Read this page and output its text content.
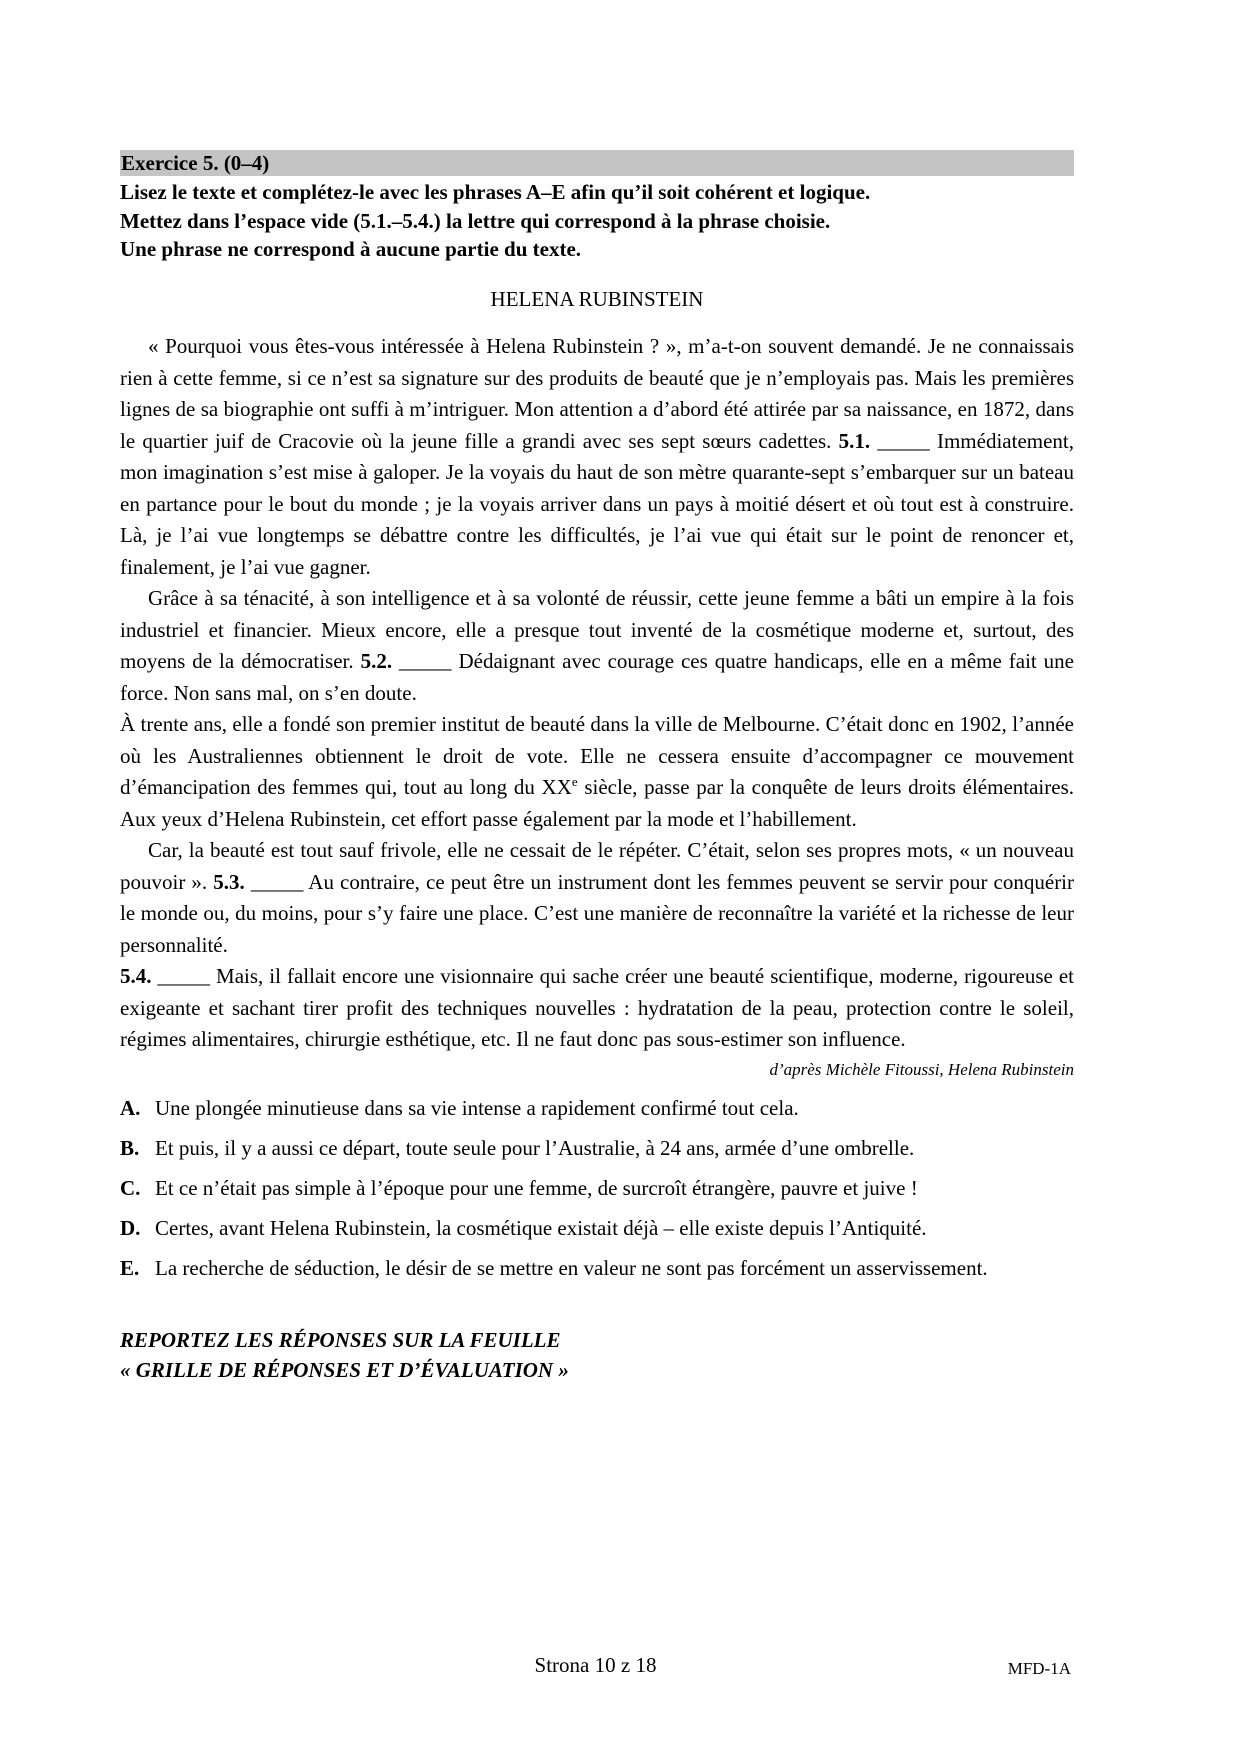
Exercice 5. (0–4)
Lisez le texte et complétez-le avec les phrases A–E afin qu’il soit cohérent et logique.
Mettez dans l’espace vide (5.1.–5.4.) la lettre qui correspond à la phrase choisie.
Une phrase ne correspond à aucune partie du texte.
HELENA RUBINSTEIN

« Pourquoi vous êtes-vous intéressée à Helena Rubinstein ? », m’a-t-on souvent demandé. Je ne connaissais rien à cette femme, si ce n’est sa signature sur des produits de beauté que je n’employais pas. Mais les premières lignes de sa biographie ont suffi à m’intriguer. Mon attention a d’abord été attirée par sa naissance, en 1872, dans le quartier juif de Cracovie où la jeune fille a grandi avec ses sept sœurs cadettes. 5.1. _____ Immédiatement, mon imagination s’est mise à galoper. Je la voyais du haut de son mètre quarante-sept s’embarquer sur un bateau en partance pour le bout du monde ; je la voyais arriver dans un pays à moitié désert et où tout est à construire. Là, je l’ai vue longtemps se débattre contre les difficultés, je l’ai vue qui était sur le point de renoncer et, finalement, je l’ai vue gagner.

Grâce à sa ténacité, à son intelligence et à sa volonté de réussir, cette jeune femme a bâti un empire à la fois industriel et financier. Mieux encore, elle a presque tout inventé de la cosmétique moderne et, surtout, des moyens de la démocratiser. 5.2. _____ Dédaignant avec courage ces quatre handicaps, elle en a même fait une force. Non sans mal, on s’en doute.

À trente ans, elle a fondé son premier institut de beauté dans la ville de Melbourne. C’était donc en 1902, l’année où les Australiennes obtiennent le droit de vote. Elle ne cessera ensuite d’accompagner ce mouvement d’émancipation des femmes qui, tout au long du XXe siècle, passe par la conquête de leurs droits élémentaires. Aux yeux d’Helena Rubinstein, cet effort passe également par la mode et l’habillement.

Car, la beauté est tout sauf frivole, elle ne cessait de le répéter. C’était, selon ses propres mots, « un nouveau pouvoir ». 5.3. _____ Au contraire, ce peut être un instrument dont les femmes peuvent se servir pour conquérir le monde ou, du moins, pour s’y faire une place. C’est une manière de reconnaître la variété et la richesse de leur personnalité.

5.4. _____ Mais, il fallait encore une visionnaire qui sache créer une beauté scientifique, moderne, rigoureuse et exigeante et sachant tirer profit des techniques nouvelles : hydratation de la peau, protection contre le soleil, régimes alimentaires, chirurgie esthétique, etc. Il ne faut donc pas sous-estimer son influence.

d’après Michèle Fitoussi, Helena Rubinstein
A. Une plongée minutieuse dans sa vie intense a rapidement confirmé tout cela.
B. Et puis, il y a aussi ce départ, toute seule pour l’Australie, à 24 ans, armée d’une ombrelle.
C. Et ce n’était pas simple à l’époque pour une femme, de surcroît étrangère, pauvre et juive !
D. Certes, avant Helena Rubinstein, la cosmétique existait déjà – elle existe depuis l’Antiquité.
E. La recherche de séduction, le désir de se mettre en valeur ne sont pas forcément un asservissement.
REPORTEZ LES RÉPONSES SUR LA FEUILLE
« GRILLE DE RÉPONSES ET D’ÉVALUATION »
Strona 10 z 18	MFD-1A
